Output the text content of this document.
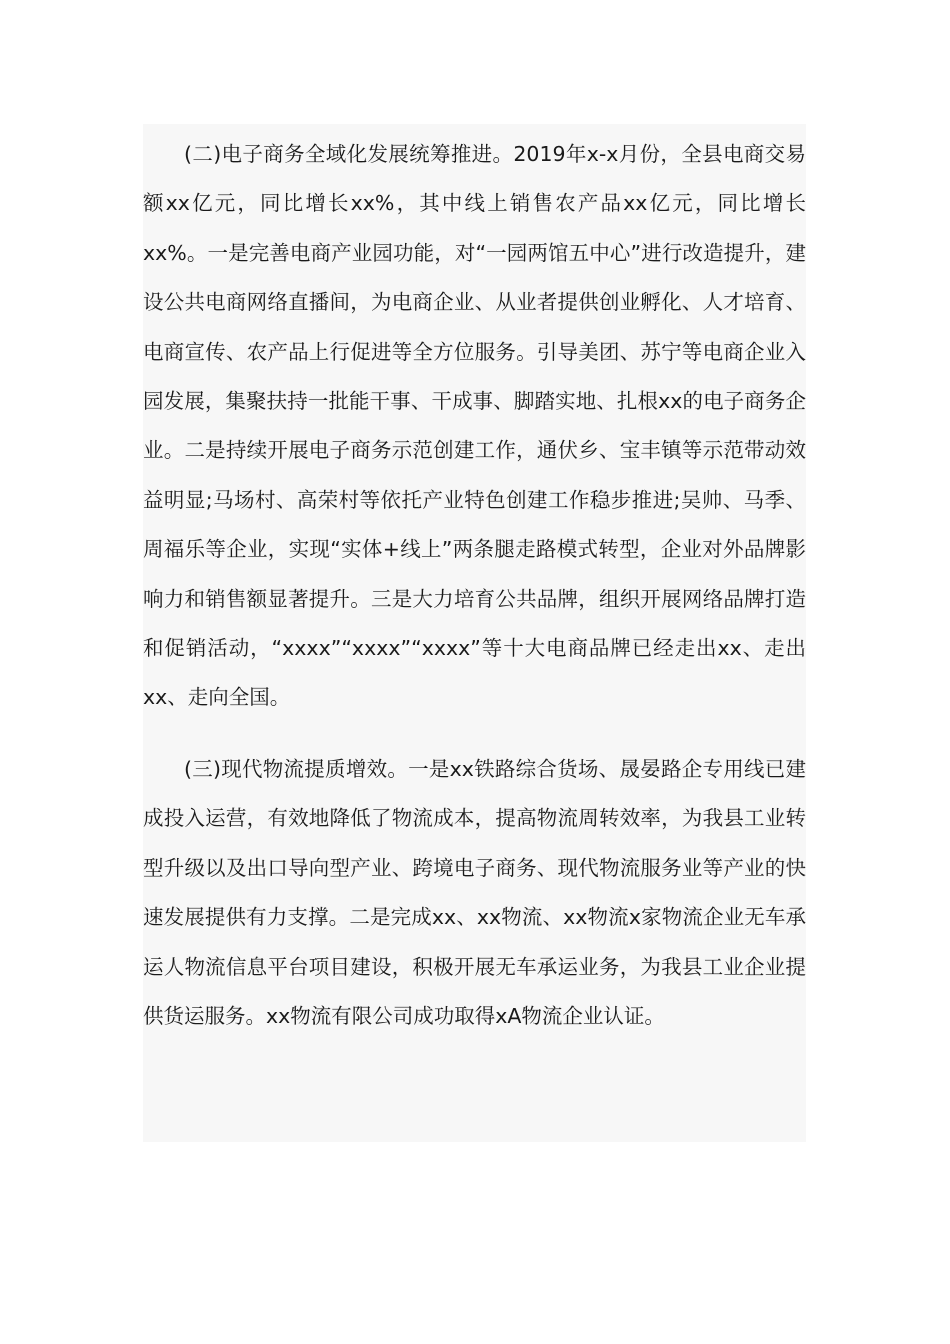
(二)电子商务全域化发展统筹推进。2019年x-x月份，全县电商交易额xx亿元，同比增长xx%，其中线上销售农产品xx亿元，同比增长xx%。一是完善电商产业园功能，对“一园两馆五中心”进行改造提升，建设公共电商网络直播间，为电商企业、从业者提供创业孵化、人才培育、电商宣传、农产品上行促进等全方位服务。引导美团、苏宁等电商企业入园发展，集聚扶持一批能干事、干成事、脚踏实地、扎根xx的电子商务企业。二是持续开展电子商务示范创建工作，通伏乡、宝丰镇等示范带动效益明显;马场村、高荣村等依托产业特色创建工作稳步推进;吴帅、马季、周福乐等企业，实现“实体+线上”两条腿走路模式转型，企业对外品牌影响力和销售额显著提升。三是大力培育公共品牌，组织开展网络品牌打造和促销活动，“xxxx”“xxxx”“xxxx”等十大电商品牌已经走出xx、走出xx、走向全国。

(三)现代物流提质增效。一是xx铁路综合货场、晟晏路企专用线已建成投入运营，有效地降低了物流成本，提高物流周转效率，为我县工业转型升级以及出口导向型产业、跨境电子商务、现代物流服务业等产业的快速发展提供有力支撑。二是完成xx、xx物流、xx物流x家物流企业无车承运人物流信息平台项目建设，积极开展无车承运业务，为我县工业企业提供货运服务。xx物流有限公司成功取得xA物流企业认证。
